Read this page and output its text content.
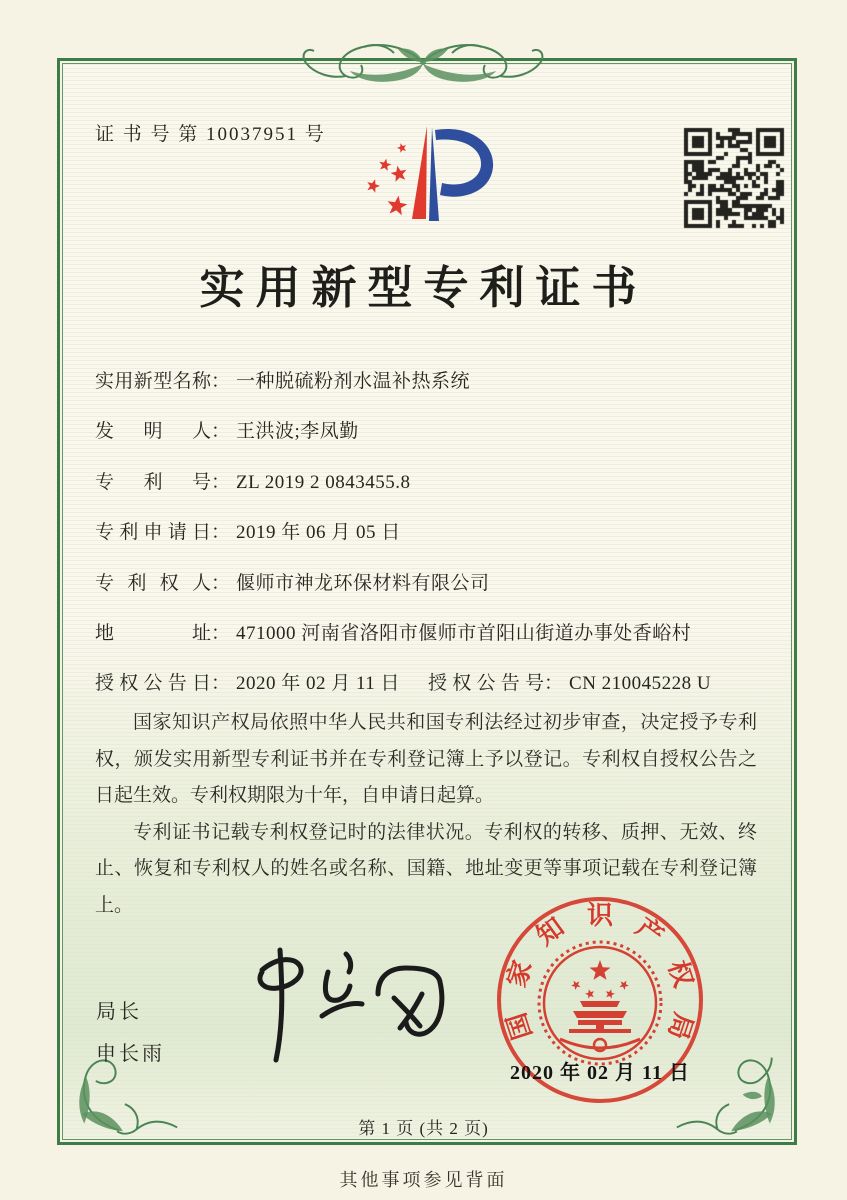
证 书 号 第 10037951 号
实用新型专利证书
实用新型名称： 一种脱硫粉剂水温补热系统
发明人： 王洪波;李凤勤
专利号： ZL 2019 2 0843455.8
专利申请日： 2019 年 06 月 05 日
专利权人： 偃师市神龙环保材料有限公司
地址： 471000 河南省洛阳市偃师市首阳山街道办事处香峪村
授权公告日： 2020 年 02 月 11 日 授权公告号： CN 210045228 U

国家知识产权局依照中华人民共和国专利法经过初步审查，决定授予专利权，颁发实用新型专利证书并在专利登记簿上予以登记。专利权自授权公告之日起生效。专利权期限为十年，自申请日起算。

专利证书记载专利权登记时的法律状况。专利权的转移、质押、无效、终止、恢复和专利权人的姓名或名称、国籍、地址变更等事项记载在专利登记簿上。

局长
申长雨
国
家
知 识 产
权
局
2020 年 02 月 11 日
第 1 页 (共 2 页)
其他事项参见背面
